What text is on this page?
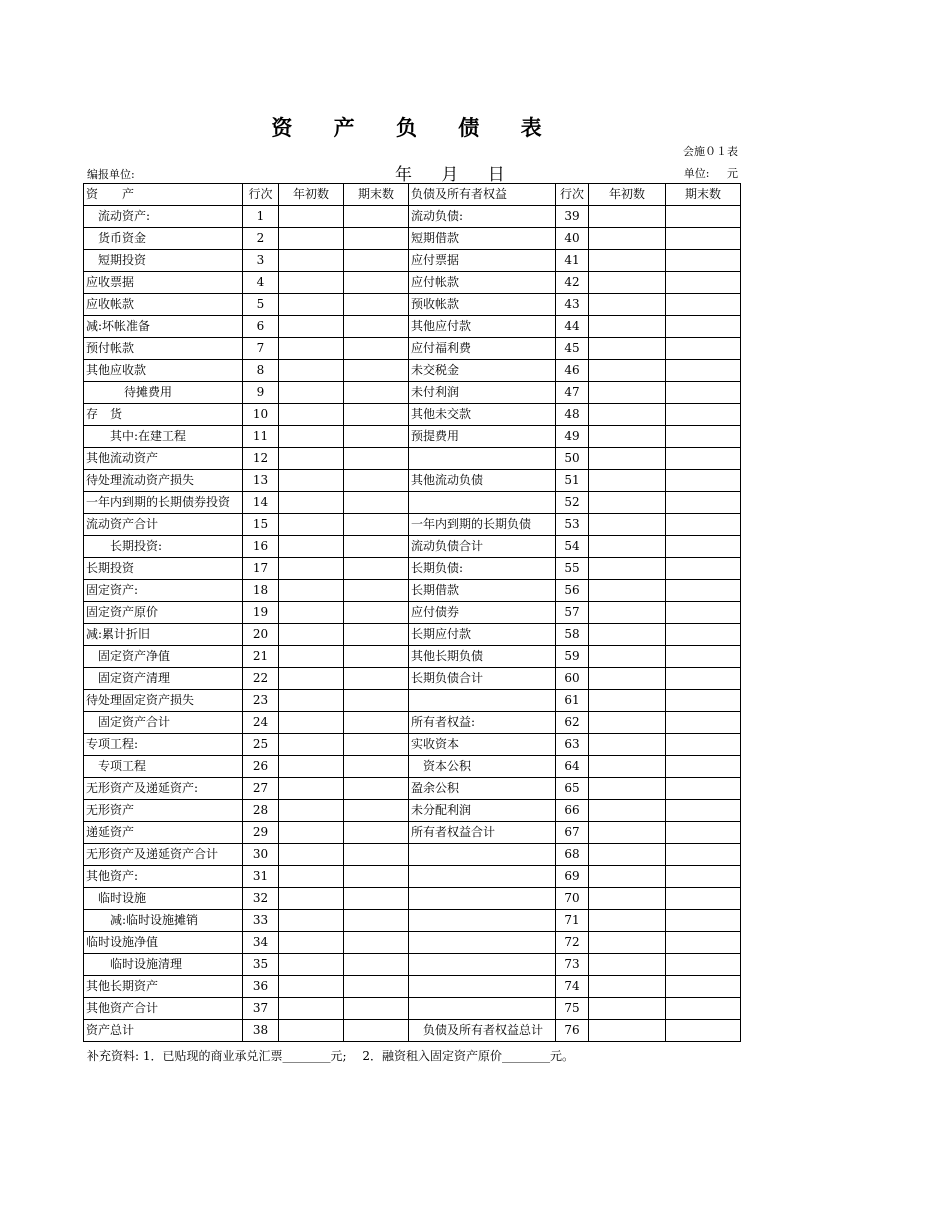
资 产 负 债 表
会施０１表
编报单位:	年 月 日	单位: 元
资　　产	行次	年初数	期末数	负债及所有者权益	行次	年初数	期末数
流动资产:	1			流动负债:	39		
货币资金	2			短期借款	40		
短期投资	3			应付票据	41		
应收票据	4			应付帐款	42		
应收帐款	5			预收帐款	43		
减:坏帐准备	6			其他应付款	44		
预付帐款	7			应付福利费	45		
其他应收款	8			未交税金	46		
待摊费用	9			未付利润	47		
存　货	10			其他未交款	48		
其中:在建工程	11			预提费用	49		
其他流动资产	12				50		
待处理流动资产损失	13			其他流动负债	51		
一年内到期的长期债券投资	14				52		
流动资产合计	15			一年内到期的长期负债	53		
长期投资:	16			流动负债合计	54		
长期投资	17			长期负债:	55		
固定资产:	18			长期借款	56		
固定资产原价	19			应付债券	57		
减:累计折旧	20			长期应付款	58		
固定资产净值	21			其他长期负债	59		
固定资产清理	22			长期负债合计	60		
待处理固定资产损失	23				61		
固定资产合计	24			所有者权益:	62		
专项工程:	25			实收资本	63		
专项工程	26			资本公积	64		
无形资产及递延资产:	27			盈余公积	65		
无形资产	28			未分配利润	66		
递延资产	29			所有者权益合计	67		
无形资产及递延资产合计	30				68		
其他资产:	31				69		
临时设施	32				70		
减:临时设施摊销	33				71		
临时设施净值	34				72		
临时设施清理	35				73		
其他长期资产	36				74		
其他资产合计	37				75		
资产总计	38			负债及所有者权益总计	76		
补充资料: 1．已贴现的商业承兑汇票________元;　 2．融资租入固定资产原价________元。
